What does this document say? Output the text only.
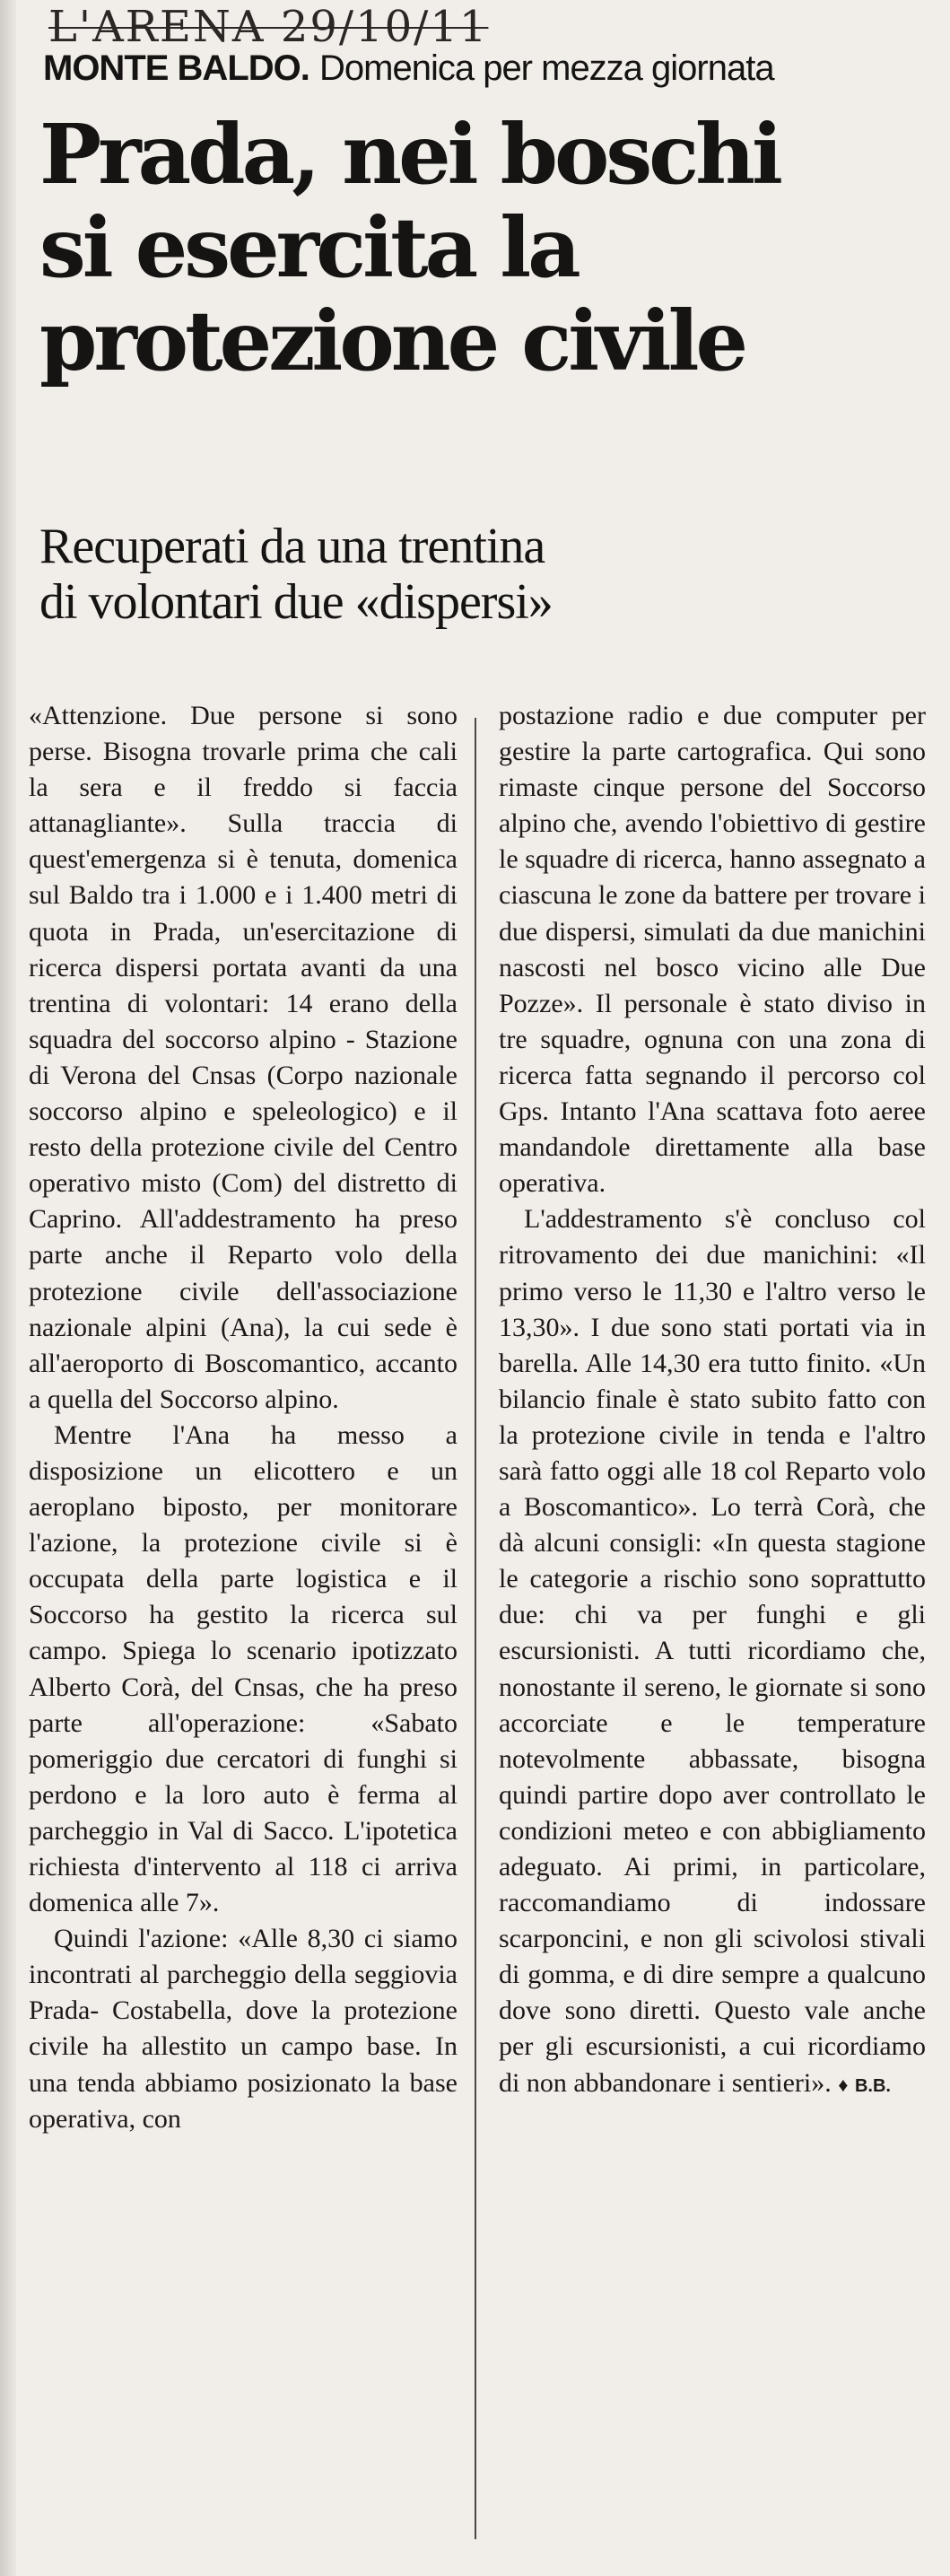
L'ARENA 29/10/11
MONTE BALDO. Domenica per mezza giornata
Prada, nei boschi
si esercita la
protezione civile
Recuperati da una trentina
di volontari due «dispersi»

«Attenzione. Due persone si sono perse. Bisogna trovarle prima che cali la sera e il freddo si faccia attanagliante». Sulla traccia di quest'emergenza si è tenuta, domenica sul Baldo tra i 1.000 e i 1.400 metri di quota in Prada, un'esercitazione di ricerca dispersi portata avanti da una trentina di volontari: 14 erano della squadra del soccorso alpino - Stazione di Verona del Cnsas (Corpo nazionale soccorso alpino e speleologico) e il resto della protezione civile del Centro operativo misto (Com) del distretto di Caprino. All'addestramento ha preso parte anche il Reparto volo della protezione civile dell'associazione nazionale alpini (Ana), la cui sede è all'aeroporto di Boscomantico, accanto a quella del Soccorso alpino.

Mentre l'Ana ha messo a disposizione un elicottero e un aeroplano biposto, per monitorare l'azione, la protezione civile si è occupata della parte logistica e il Soccorso ha gestito la ricerca sul campo. Spiega lo scenario ipotizzato Alberto Corà, del Cnsas, che ha preso parte all'operazione: «Sabato pomeriggio due cercatori di funghi si perdono e la loro auto è ferma al parcheggio in Val di Sacco. L'ipotetica richiesta d'intervento al 118 ci arriva domenica alle 7».

Quindi l'azione: «Alle 8,30 ci siamo incontrati al parcheggio della seggiovia Prada- Costabella, dove la protezione civile ha allestito un campo base. In una tenda abbiamo posizionato la base operativa, con

postazione radio e due computer per gestire la parte cartografica. Qui sono rimaste cinque persone del Soccorso alpino che, avendo l'obiettivo di gestire le squadre di ricerca, hanno assegnato a ciascuna le zone da battere per trovare i due dispersi, simulati da due manichini nascosti nel bosco vicino alle Due Pozze». Il personale è stato diviso in tre squadre, ognuna con una zona di ricerca fatta segnando il percorso col Gps. Intanto l'Ana scattava foto aeree mandandole direttamente alla base operativa.

L'addestramento s'è concluso col ritrovamento dei due manichini: «Il primo verso le 11,30 e l'altro verso le 13,30». I due sono stati portati via in barella. Alle 14,30 era tutto finito. «Un bilancio finale è stato subito fatto con la protezione civile in tenda e l'altro sarà fatto oggi alle 18 col Reparto volo a Boscomantico». Lo terrà Corà, che dà alcuni consigli: «In questa stagione le categorie a rischio sono soprattutto due: chi va per funghi e gli escursionisti. A tutti ricordiamo che, nonostante il sereno, le giornate si sono accorciate e le temperature notevolmente abbassate, bisogna quindi partire dopo aver controllato le condizioni meteo e con abbigliamento adeguato. Ai primi, in particolare, raccomandiamo di indossare scarponcini, e non gli scivolosi stivali di gomma, e di dire sempre a qualcuno dove sono diretti. Questo vale anche per gli escursionisti, a cui ricordiamo di non abbandonare i sentieri». ♦ B.B.
